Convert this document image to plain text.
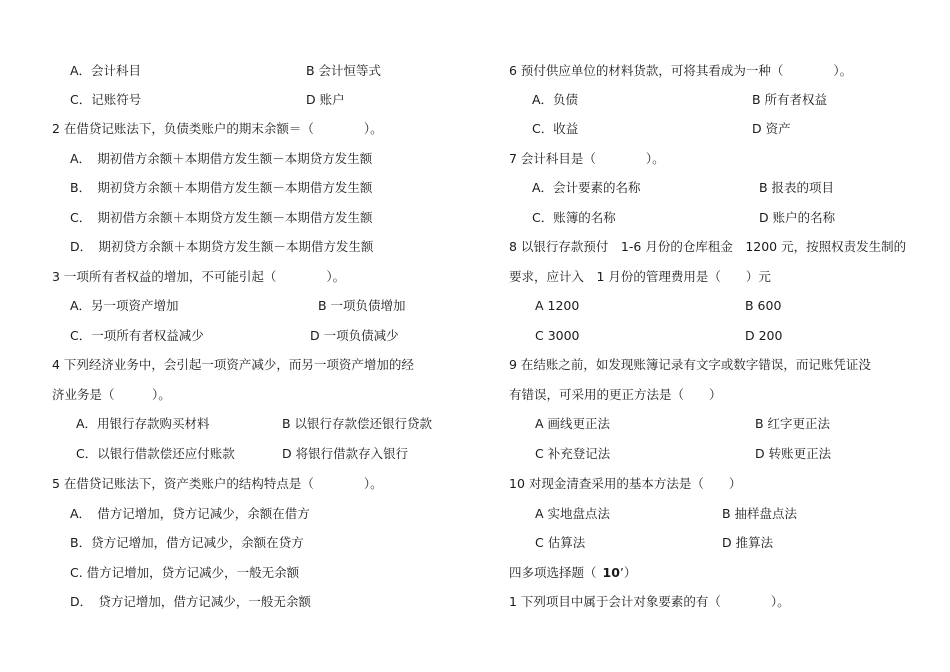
A．会计科目	B 会计恒等式
C．记账符号	D 账户
2 在借贷记账法下，负债类账户的期末余额＝（　　　　）。
A．　期初借方余额＋本期借方发生额－本期贷方发生额
B．　期初贷方余额＋本期借方发生额－本期借方发生额
C．　期初借方余额＋本期贷方发生额－本期借方发生额
D．　期初贷方余额＋本期贷方发生额－本期借方发生额
3 一项所有者权益的增加，不可能引起（　　　　）。
A．另一项资产增加	B 一项负债增加
C．一项所有者权益减少	D 一项负债减少
4 下列经济业务中，会引起一项资产减少，而另一项资产增加的经
济业务是（　　　）。
A．用银行存款购买材料	B 以银行存款偿还银行贷款
C．以银行借款偿还应付账款	D 将银行借款存入银行
5 在借贷记账法下，资产类账户的结构特点是（　　　　）。
A．　借方记增加，贷方记减少，余额在借方
B．贷方记增加，借方记减少，余额在贷方
C. 借方记增加，贷方记减少，一般无余额
D．　贷方记增加，借方记减少，一般无余额
6 预付供应单位的材料货款，可将其看成为一种（　　　　）。
A．负债	B 所有者权益
C．收益	D 资产
7 会计科目是（　　　　）。
A．会计要素的名称	B 报表的项目
C．账簿的名称	D 账户的名称
8 以银行存款预付　1-6 月份的仓库租金　1200 元，按照权责发生制的
要求，应计入　1 月份的管理费用是（　　）元
A 1200	B 600
C 3000	D 200
9 在结账之前，如发现账簿记录有文字或数字错误，而记账凭证没
有错误，可采用的更正方法是（　　）
A 画线更正法	B 红字更正法
C 补充登记法	D 转账更正法
10 对现金清查采用的基本方法是（　　）
A 实地盘点法	B 抽样盘点法
C 估算法	D 推算法
四多项选择题（ 10’）
1 下列项目中属于会计对象要素的有（　　　　）。
